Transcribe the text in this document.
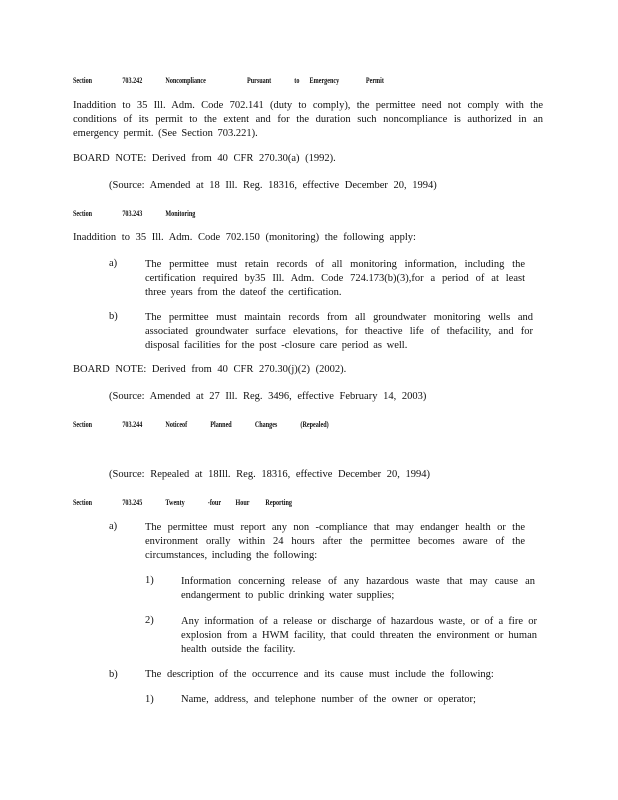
Section	703.242	Noncompliance	Pursuant	to Emergency	Permit
Inaddition to 35 Ill. Adm. Code 702.141 (duty to comply), the permittee need not comply with the conditions of its permit to the extent and for the duration such noncompliance is authorized in an emergency permit. (See Section 703.221).
BOARD NOTE: Derived from 40 CFR 270.30(a) (1992).
(Source: Amended at 18 Ill. Reg. 18316, effective December 20, 1994)
Section	703.243	Monitoring
Inaddition to 35 Ill. Adm. Code 702.150 (monitoring) the following apply:
a)	The permittee must retain records of all monitoring information, including the certification required by35 Ill. Adm. Code 724.173(b)(3),for a period of at least three years from the dateof the certification.
b)	The permittee must maintain records from all groundwater monitoring wells and associated groundwater surface elevations, for theactive life of thefacility, and for disposal facilities for the post -closure care period as well.
BOARD NOTE: Derived from 40 CFR 270.30(j)(2) (2002).
(Source: Amended at 27 Ill. Reg. 3496, effective February 14, 2003)
Section	703.244	Noticeof	Planned	Changes	(Repealed)
(Source: Repealed at 18Ill. Reg. 18316, effective December 20, 1994)
Section	703.245	Twenty	-four Hour Reporting
a)	The permittee must report any non -compliance that may endanger health or the environment orally within 24 hours after the permittee becomes aware of the circumstances, including the following:
1)	Information concerning release of any hazardous waste that may cause an endangerment to public drinking water supplies;
2)	Any information of a release or discharge of hazardous waste, or of a fire or explosion from a HWM facility, that could threaten the environment or human health outside the facility.
b)	The description of the occurrence and its cause must include the following:
1)	Name, address, and telephone number of the owner or operator;
